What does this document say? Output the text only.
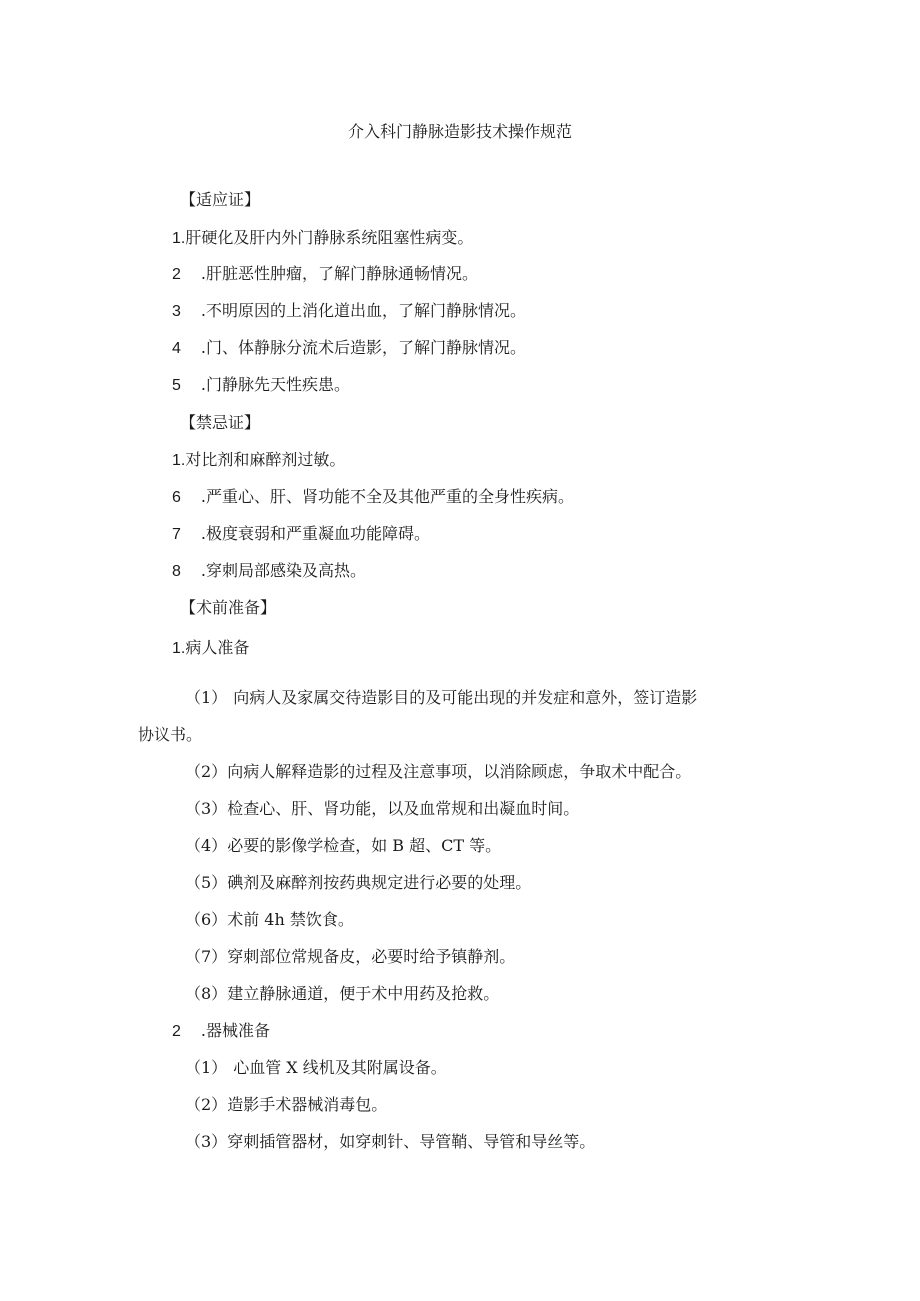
介入科门静脉造影技术操作规范
【适应证】
1.肝硬化及肝内外门静脉系统阻塞性病变。
2 .肝脏恶性肿瘤，了解门静脉通畅情况。
3 .不明原因的上消化道出血，了解门静脉情况。
4 .门、体静脉分流术后造影，了解门静脉情况。
5 .门静脉先天性疾患。
【禁忌证】
1.对比剂和麻醉剂过敏。
6 .严重心、肝、肾功能不全及其他严重的全身性疾病。
7 .极度衰弱和严重凝血功能障碍。
8 .穿刺局部感染及高热。
【术前准备】
1.病人准备
（1） 向病人及家属交待造影目的及可能出现的并发症和意外，签订造影
协议书。
（2）向病人解释造影的过程及注意事项，以消除顾虑，争取术中配合。
（3）检查心、肝、肾功能，以及血常规和出凝血时间。
（4）必要的影像学检查，如 B 超、CT 等。
（5）碘剂及麻醉剂按药典规定进行必要的处理。
（6）术前 4h 禁饮食。
（7）穿刺部位常规备皮，必要时给予镇静剂。
（8）建立静脉通道，便于术中用药及抢救。
2 .器械准备
（1） 心血管 X 线机及其附属设备。
（2）造影手术器械消毒包。
（3）穿刺插管器材，如穿刺针、导管鞘、导管和导丝等。
